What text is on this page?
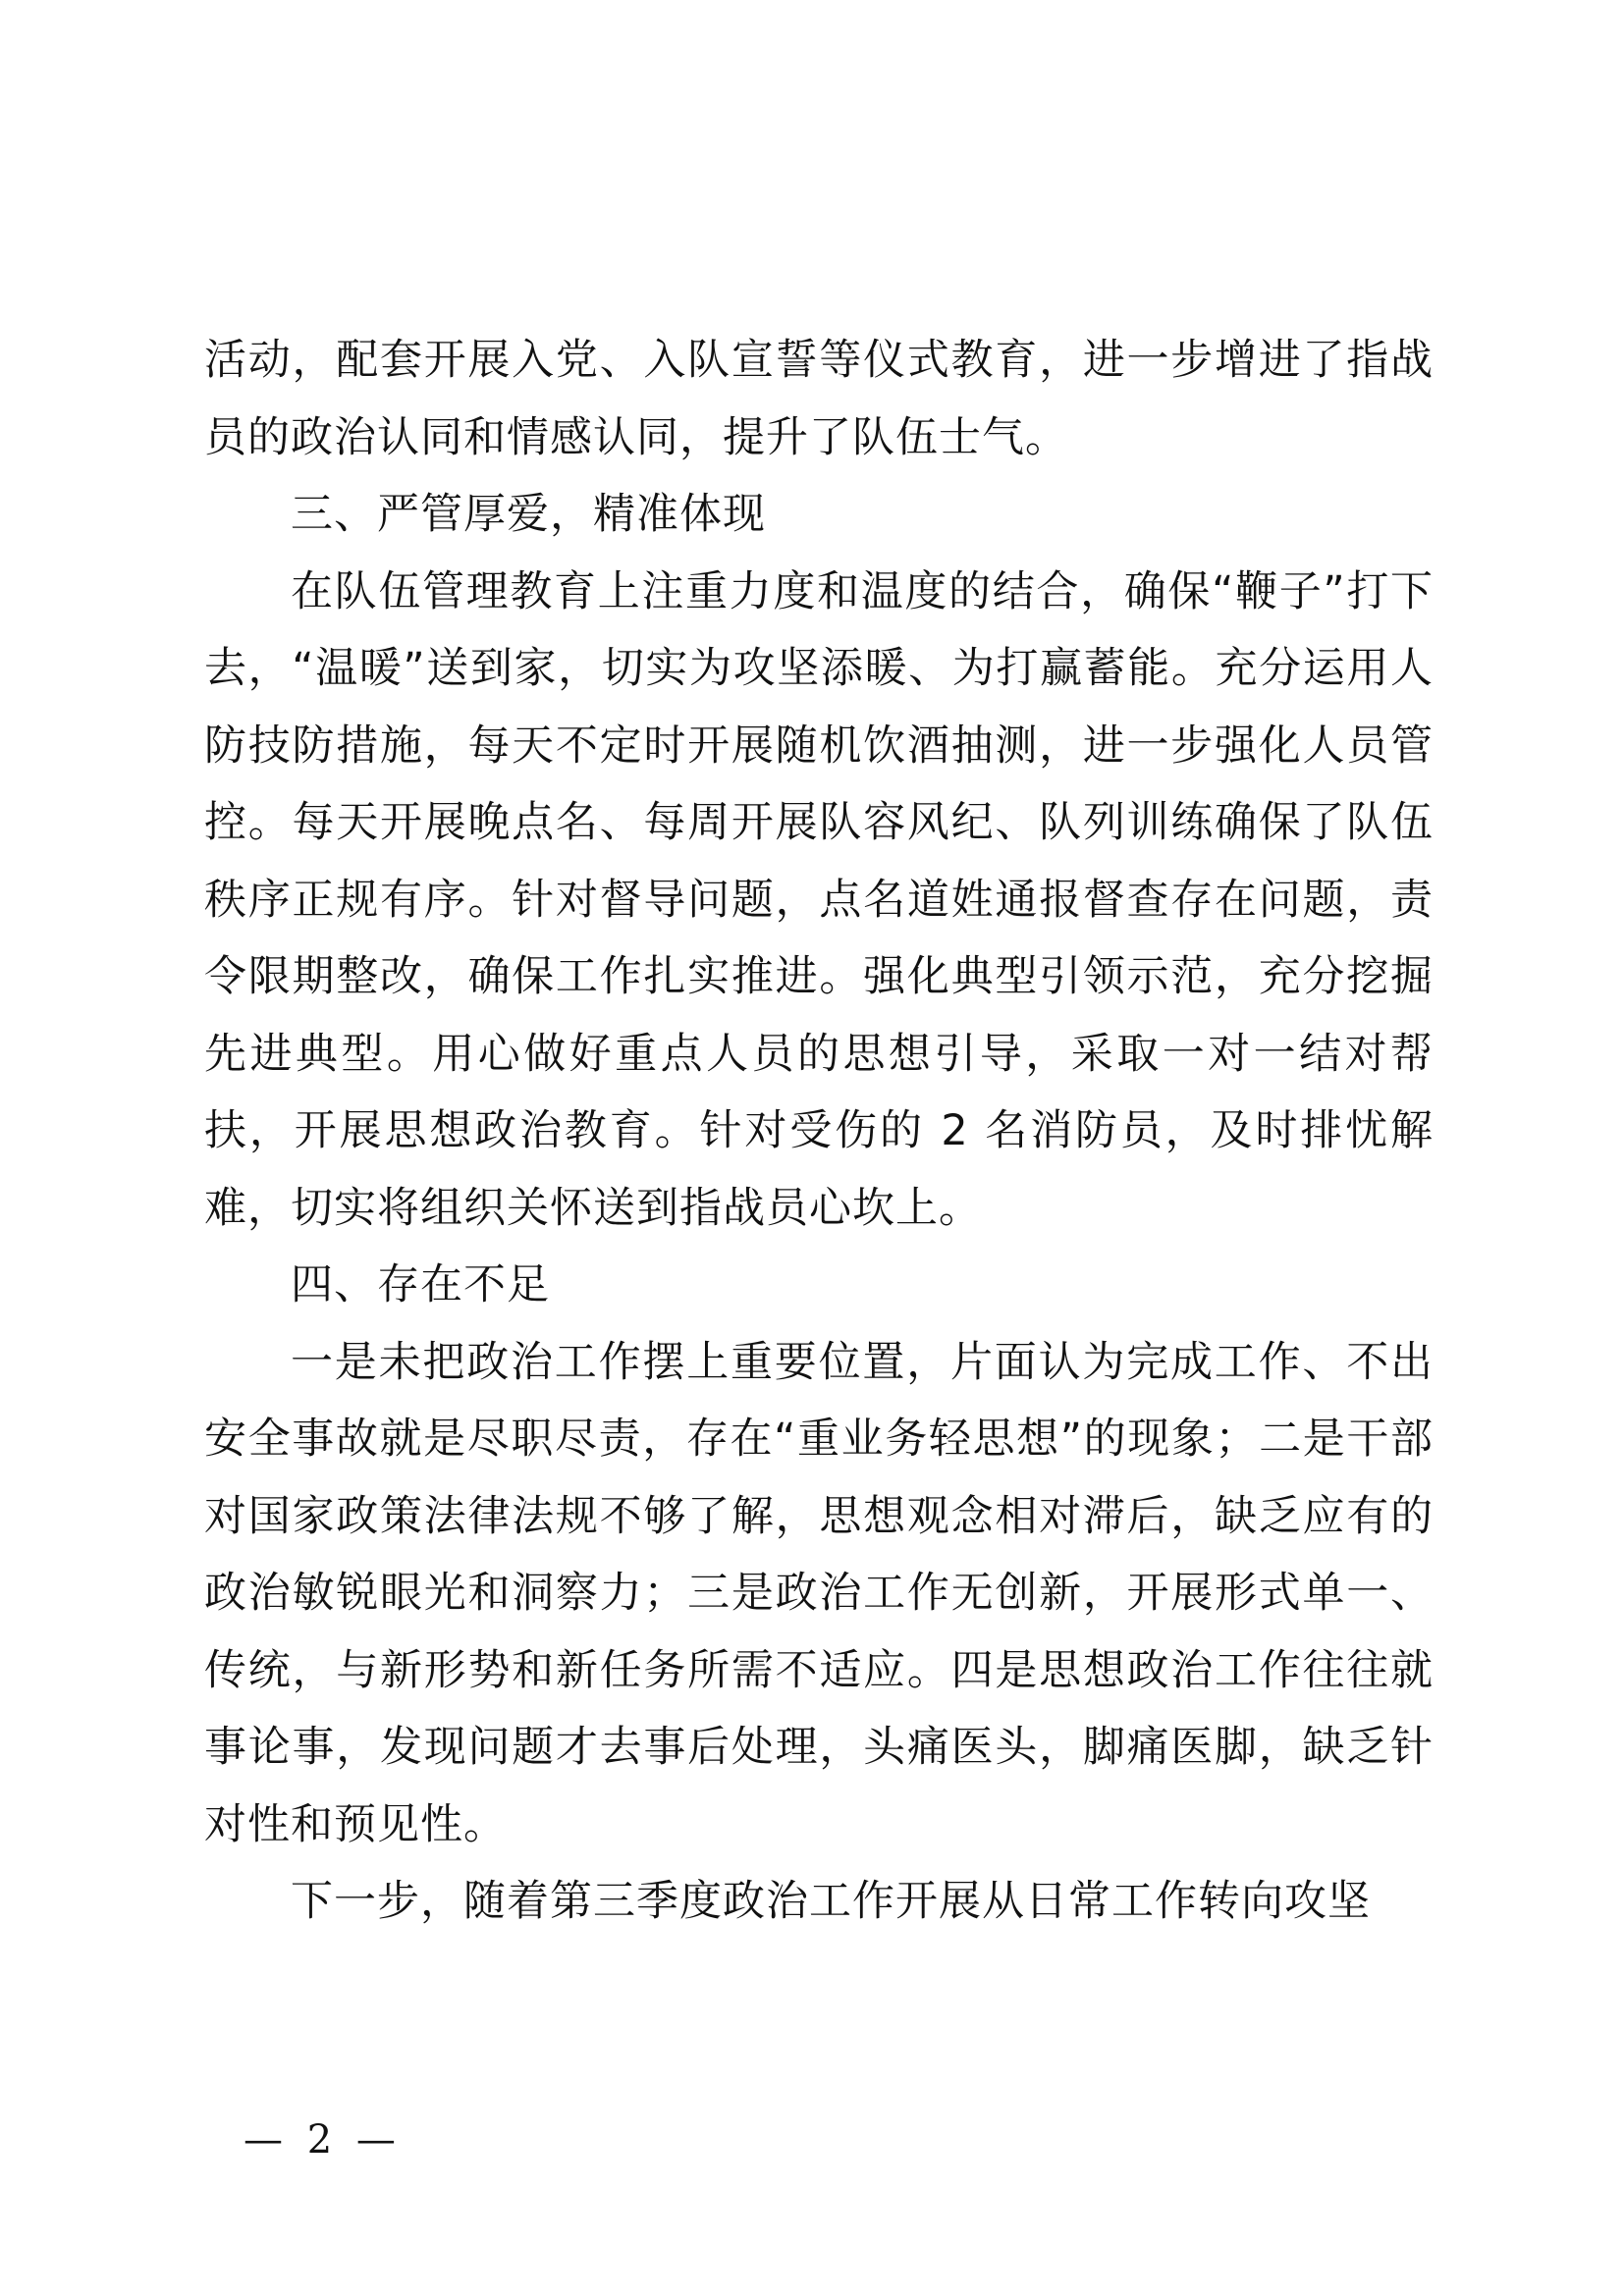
活动，配套开展入党、入队宣誓等仪式教育，进一步增进了指战员的政治认同和情感认同，提升了队伍士气。

三、严管厚爱，精准体现

在队伍管理教育上注重力度和温度的结合，确保“鞭子”打下去，“温暖”送到家，切实为攻坚添暖、为打赢蓄能。充分运用人防技防措施，每天不定时开展随机饮酒抽测，进一步强化人员管控。每天开展晚点名、每周开展队容风纪、队列训练确保了队伍秩序正规有序。针对督导问题，点名道姓通报督查存在问题，责令限期整改，确保工作扎实推进。强化典型引领示范，充分挖掘先进典型。用心做好重点人员的思想引导，采取一对一结对帮扶，开展思想政治教育。针对受伤的 2 名消防员，及时排忧解难，切实将组织关怀送到指战员心坎上。

四、存在不足

一是未把政治工作摆上重要位置，片面认为完成工作、不出安全事故就是尽职尽责，存在“重业务轻思想”的现象；二是干部对国家政策法律法规不够了解，思想观念相对滞后，缺乏应有的政治敏锐眼光和洞察力；三是政治工作无创新，开展形式单一、传统，与新形势和新任务所需不适应。四是思想政治工作往往就事论事，发现问题才去事后处理，头痛医头，脚痛医脚，缺乏针对性和预见性。

下一步，随着第三季度政治工作开展从日常工作转向攻坚

— 2 —
